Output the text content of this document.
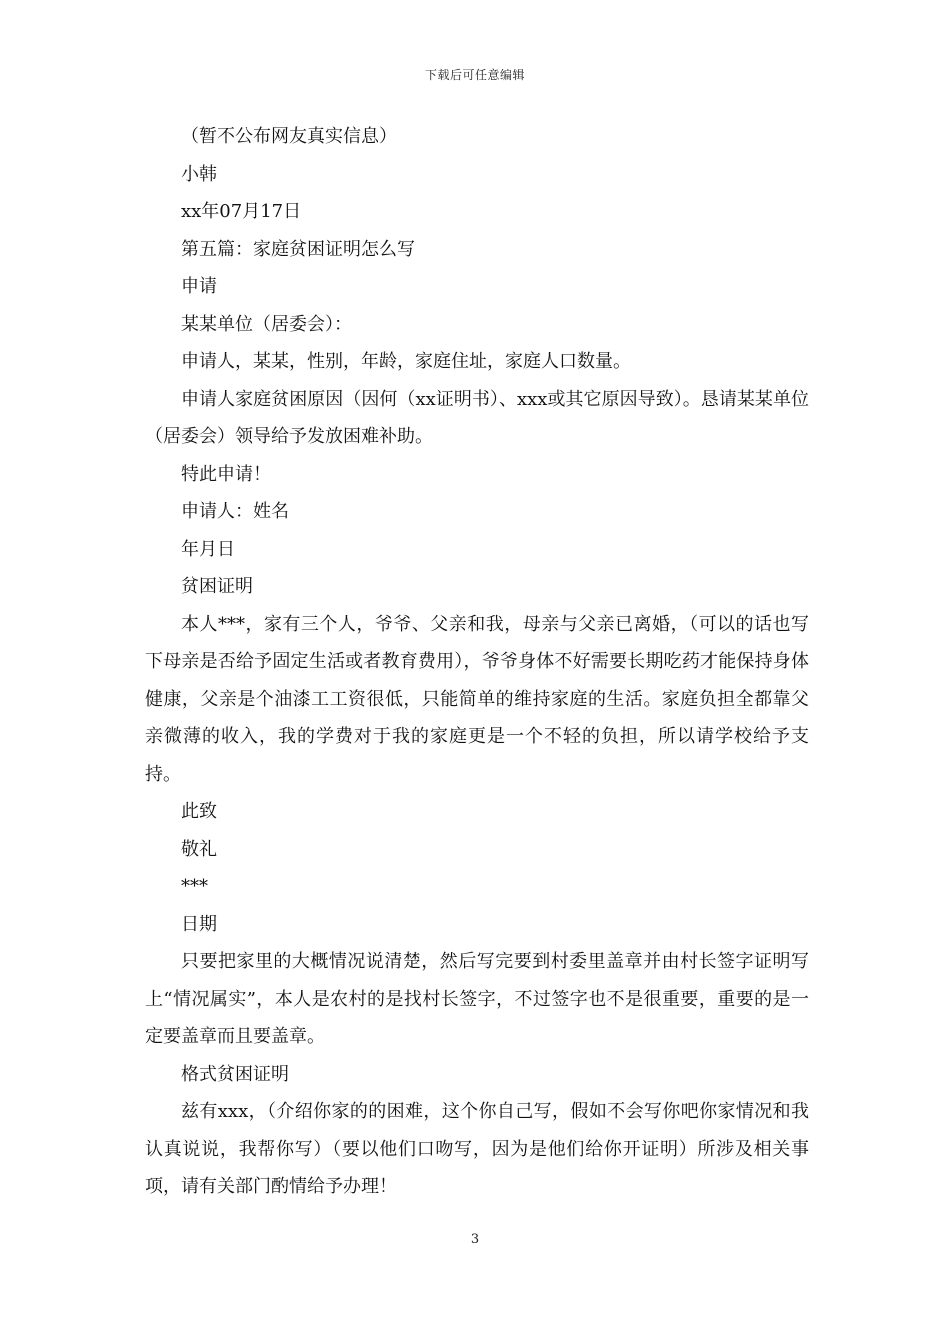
下载后可任意编辑

（暂不公布网友真实信息）

小韩

xx年07月17日

第五篇：家庭贫困证明怎么写

申请

某某单位（居委会）：

申请人，某某，性别，年龄，家庭住址，家庭人口数量。

申请人家庭贫困原因（因何（xx证明书）、xxx或其它原因导致）。恳请某某单位（居委会）领导给予发放困难补助。

特此申请！

申请人：姓名

年月日

贫困证明

本人***，家有三个人，爷爷、父亲和我，母亲与父亲已离婚，（可以的话也写下母亲是否给予固定生活或者教育费用），爷爷身体不好需要长期吃药才能保持身体健康，父亲是个油漆工工资很低，只能简单的维持家庭的生活。家庭负担全都靠父亲微薄的收入，我的学费对于我的家庭更是一个不轻的负担，所以请学校给予支持。

此致

敬礼

***

日期

只要把家里的大概情况说清楚，然后写完要到村委里盖章并由村长签字证明写上“情况属实”，本人是农村的是找村长签字，不过签字也不是很重要，重要的是一定要盖章而且要盖章。

格式贫困证明

兹有xxx，（介绍你家的的困难，这个你自己写，假如不会写你吧你家情况和我认真说说，我帮你写）（要以他们口吻写，因为是他们给你开证明）所涉及相关事项，请有关部门酌情给予办理！

3
